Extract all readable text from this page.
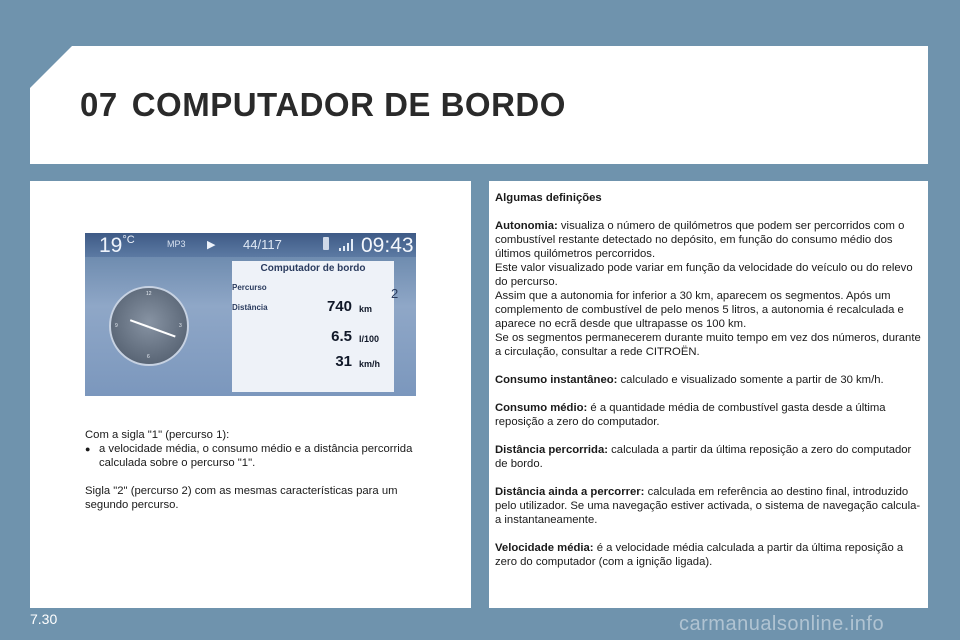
07 COMPUTADOR DE BORDO
$19^{^\circ C}$	MP3 ▶ 44/117	09:43
12
3
6
9
Computador de bordo
Percurso
Distância	740 km
6.5 l/100
31 km/h
2

Com a sigla "1" (percurso 1):

● a velocidade média, o consumo médio e a distância percorrida calculada sobre o percurso "1".

Sigla "2" (percurso 2) com as mesmas características para um segundo percurso.

Algumas definições

Autonomia: visualiza o número de quilómetros que podem ser percorridos com o combustível restante detectado no depósito, em função do consumo médio dos últimos quilómetros percorridos.

Este valor visualizado pode variar em função da velocidade do veículo ou do relevo do percurso.

Assim que a autonomia for inferior a 30 km, aparecem os segmentos. Após um complemento de combustível de pelo menos 5 litros, a autonomia é recalculada e aparece no ecrã desde que ultrapasse os 100 km.

Se os segmentos permanecerem durante muito tempo em vez dos números, durante a circulação, consultar a rede CITROËN.

Consumo instantâneo: calculado e visualizado somente a partir de 30 km/h.

Consumo médio: é a quantidade média de combustível gasta desde a última reposição a zero do computador.

Distância percorrida: calculada a partir da última reposição a zero do computador de bordo.

Distância ainda a percorrer: calculada em referência ao destino final, introduzido pelo utilizador. Se uma navegação estiver activada, o sistema de navegação calcula-a instantaneamente.

Velocidade média: é a velocidade média calculada a partir da última reposição a zero do computador (com a ignição ligada).

7.30	carmanualsonline.info
